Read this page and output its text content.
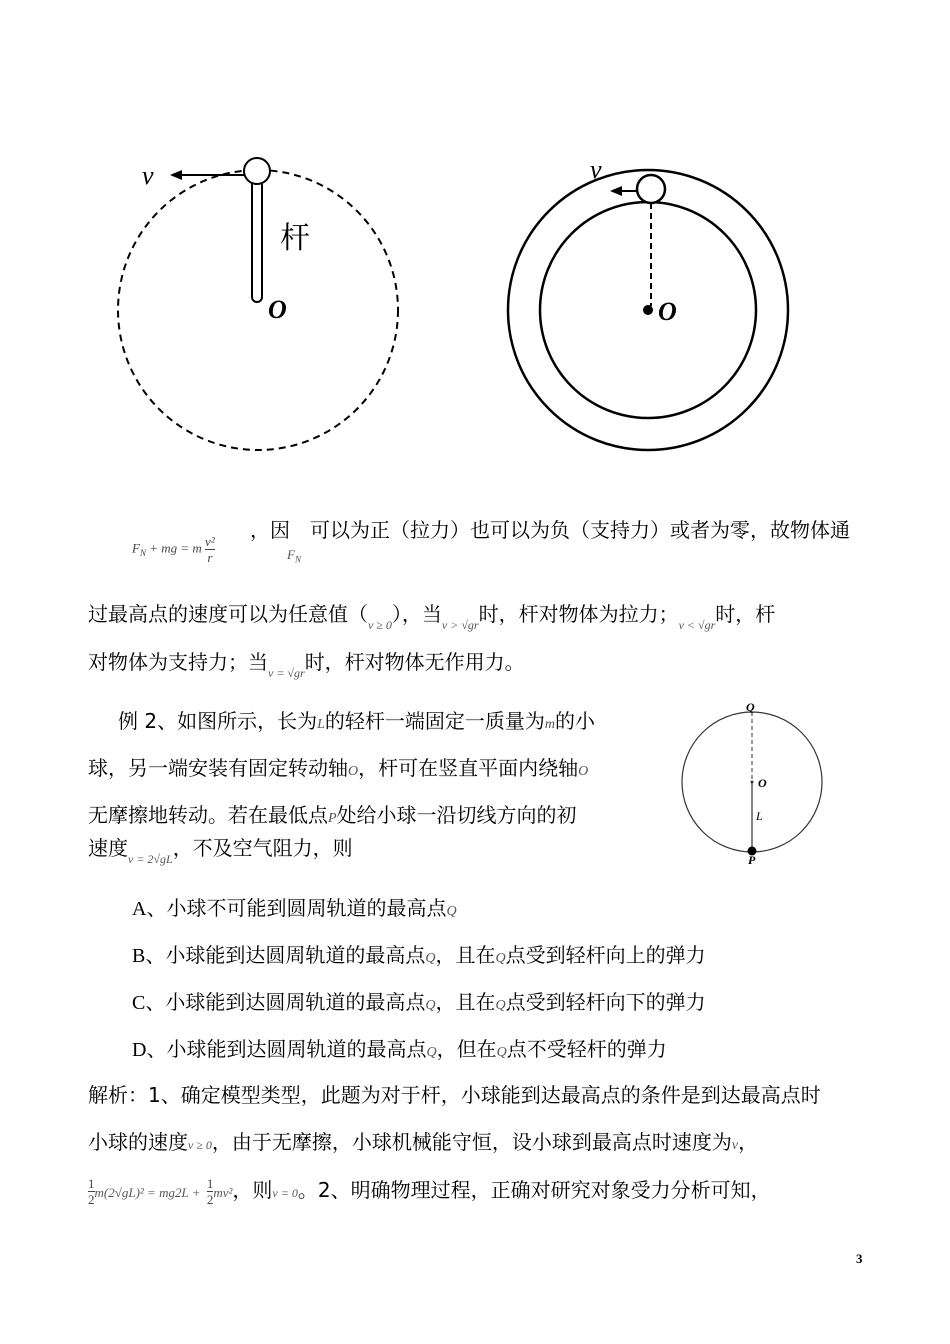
v
杆
O
v
O
$F_N$ + mg = m $\frac{\text{v²}}{r}$
，因
$F_N$
可以为正（拉力）也可以为负（支持力）或者为零，故物体通
过最高点的速度可以为任意值$(_{v \ge 0})$，当$_{v > √gr}$时，杆对物体为拉力；$_{v < √gr}$时，杆
对物体为支持力；当$_{v = √gr}$时，杆对物体无作用力。
例 2、如图所示，长为L的轻杆一端固定一质量为m的小
球，另一端安装有固定转动轴O，杆可在竖直平面内绕轴O
无摩擦地转动。若在最低点P处给小球一沿切线方向的初
速度$_{v = 2√gL}$，不及空气阻力，则
Q
O
L
P
A、小球不可能到圆周轨道的最高点Q
B、小球能到达圆周轨道的最高点Q，且在Q点受到轻杆向上的弹力
C、小球能到达圆周轨道的最高点Q，且在Q点受到轻杆向下的弹力
D、小球能到达圆周轨道的最高点Q，但在Q点不受轻杆的弹力
解析：1、确定模型类型，此题为对于杆，小球能到达最高点的条件是到达最高点时
小球的速度v ≥ 0，由于无摩擦，小球机械能守恒，设小球到最高点时速度为v，
$\frac{1}{2} m(2√gL)^2 = mg2L + \frac{1}{2} mv^2$，则v = 0。2、明确物理过程，正确对研究对象受力分析可知，
3
